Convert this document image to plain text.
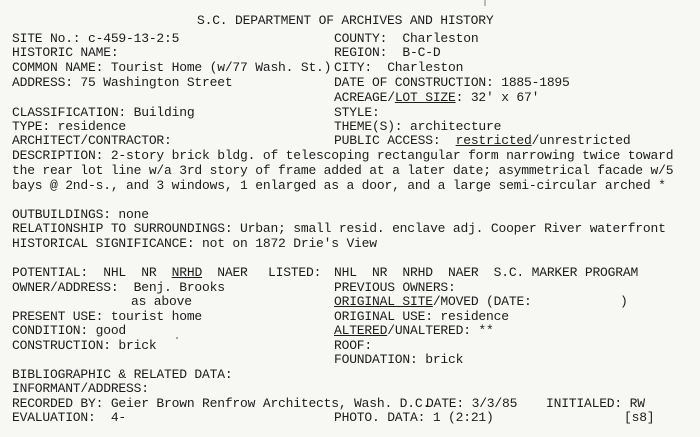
S.C. DEPARTMENT OF ARCHIVES AND HISTORY
SITE No.: c-459-13-2:5
HISTORIC NAME:
COMMON NAME: Tourist Home (w/77 Wash. St.)
ADDRESS: 75 Washington Street
COUNTY:  Charleston
REGION:  B-C-D
CITY:  Charleston
DATE OF CONSTRUCTION: 1885-1895
ACREAGE/LOT SIZE: 32' x 67'
CLASSIFICATION: Building
TYPE: residence
ARCHITECT/CONTRACTOR:
STYLE:
THEME(S): architecture
PUBLIC ACCESS:  restricted/unrestricted
DESCRIPTION: 2-story brick bldg. of telescoping rectangular form narrowing twice toward
the rear lot line w/a 3rd story of frame added at a later date; asymmetrical facade w/5
bays @ 2nd-s., and 3 windows, 1 enlarged as a door, and a large semi-circular arched *
OUTBUILDINGS: none
RELATIONSHIP TO SURROUNDINGS: Urban; small resid. enclave adj. Cooper River waterfront
HISTORICAL SIGNIFICANCE: not on 1872 Drie's View
POTENTIAL:  NHL  NR  NRHD  NAER
OWNER/ADDRESS:  Benj. Brooks
as above
PRESENT USE: tourist home
CONDITION: good
CONSTRUCTION: brick
LISTED: NHL  NR  NRHD  NAER  S.C. MARKER PROGRAM
PREVIOUS OWNERS:
ORIGINAL SITE/MOVED (DATE:	)
ORIGINAL USE: residence
ALTERED/UNALTERED: **
ROOF:
FOUNDATION: brick
BIBLIOGRAPHIC & RELATED DATA:
INFORMANT/ADDRESS:
RECORDED BY: Geier Brown Renfrow Architects, Wash. D.C.
DATE: 3/3/85 INITIALED: RW
EVALUATION:  4-	PHOTO. DATA: 1 (2:21)	[s8]
